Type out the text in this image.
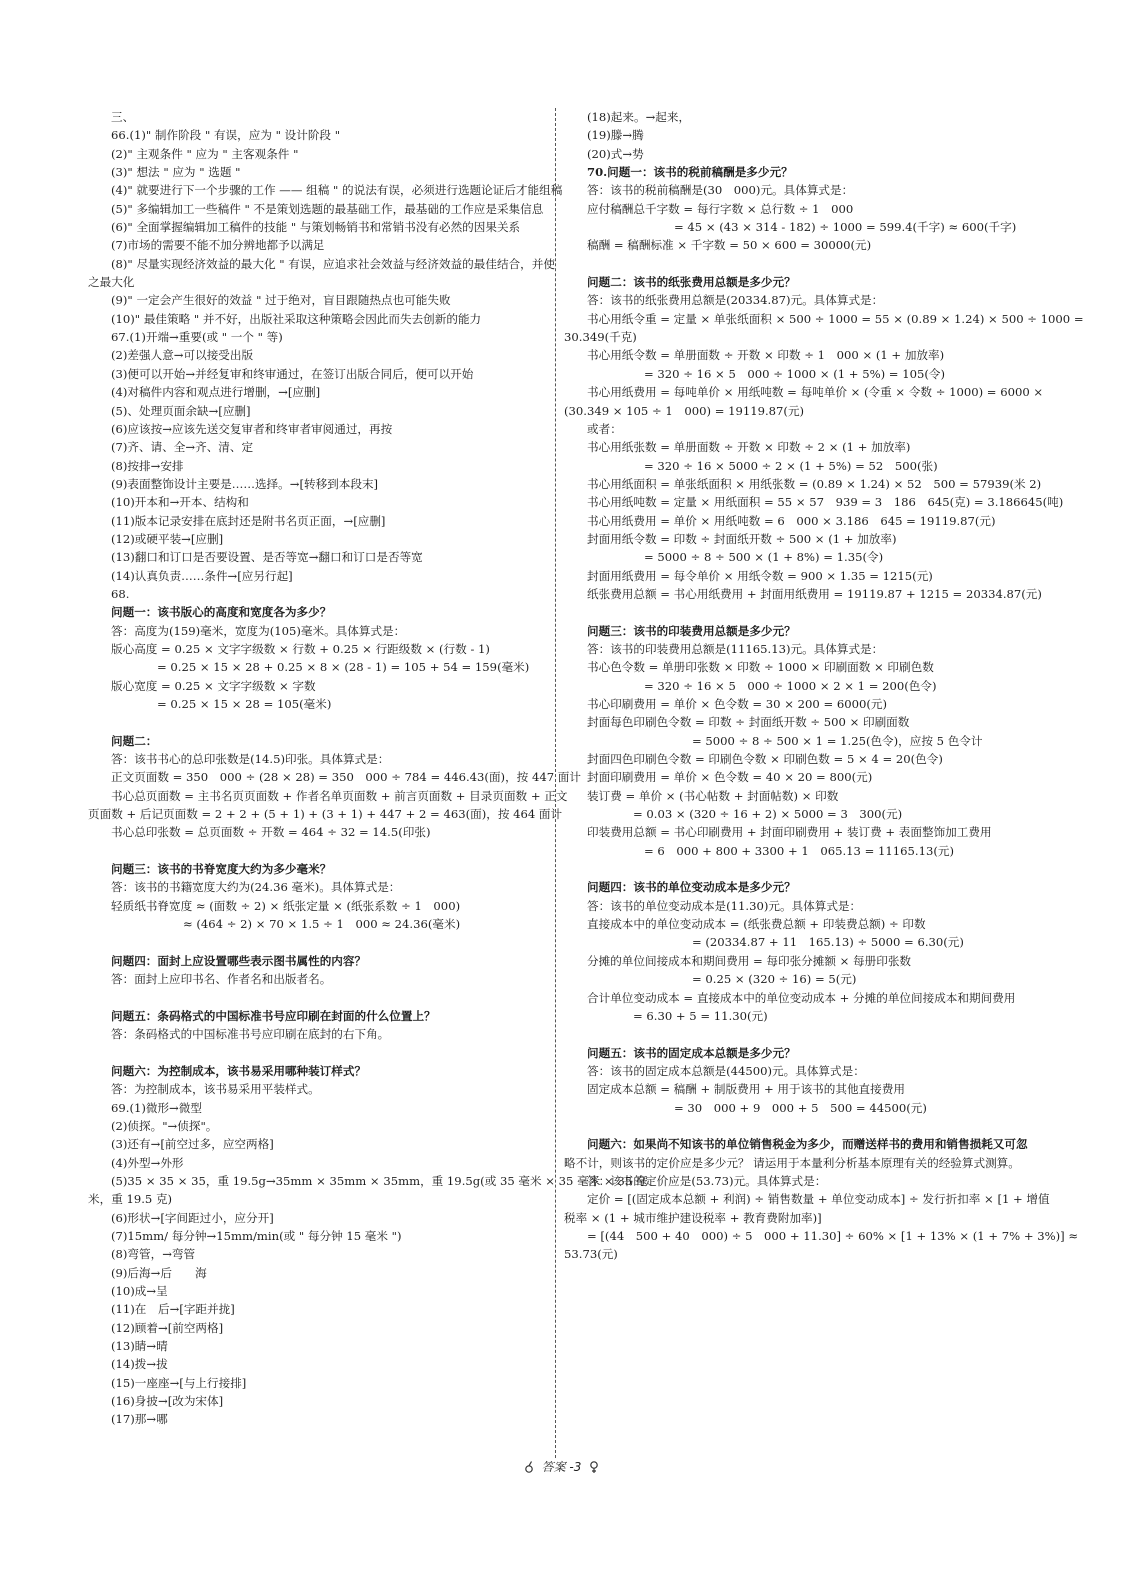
三、
66.(1)" 制作阶段 " 有误，应为 " 设计阶段 "
(2)" 主观条件 " 应为 " 主客观条件 "
(3)" 想法 " 应为 " 选题 "
(4)" 就要进行下一个步骤的工作 —— 组稿 " 的说法有误，必须进行选题论证后才能组稿
(5)" 多编辑加工一些稿件 " 不是策划选题的最基础工作，最基础的工作应是采集信息
(6)" 全面掌握编辑加工稿件的技能 " 与策划畅销书和常销书没有必然的因果关系
(7)市场的需要不能不加分辨地都予以满足
(8)" 尽量实现经济效益的最大化 " 有误，应追求社会效益与经济效益的最佳结合，并使
之最大化
(9)" 一定会产生很好的效益 " 过于绝对，盲目跟随热点也可能失败
(10)" 最佳策略 " 并不好，出版社采取这种策略会因此而失去创新的能力
67.(1)开端→重要(或 " 一个 " 等)
(2)差强人意→可以接受出版
(3)便可以开始→并经复审和终审通过，在签订出版合同后，便可以开始
(4)对稿件内容和观点进行增删，→[应删]
(5)、处理页面余缺→[应删]
(6)应该按→应该先送交复审者和终审者审阅通过，再按
(7)齐、请、全→齐、清、定
(8)按排→安排
(9)表面整饰设计主要是……选择。→[转移到本段末]
(10)开本和→开本、结构和
(11)版本记录安排在底封还是附书名页正面，→[应删]
(12)或硬平装→[应删]
(13)翻口和订口是否要设置、是否等宽→翻口和订口是否等宽
(14)认真负责……条件→[应另行起]
68.
问题一：该书版心的高度和宽度各为多少？
答：高度为(159)毫米，宽度为(105)毫米。具体算式是：
版心高度 = 0.25 × 文字字级数 × 行数 + 0.25 × 行距级数 × (行数 - 1)
= 0.25 × 15 × 28 + 0.25 × 8 × (28 - 1) = 105 + 54 = 159(毫米)
版心宽度 = 0.25 × 文字字级数 × 字数
= 0.25 × 15 × 28 = 105(毫米)
问题二：
答：该书书心的总印张数是(14.5)印张。具体算式是：
正文页面数 = 350　000 ÷ (28 × 28) = 350　000 ÷ 784 = 446.43(面)，按 447 面计
书心总页面数 = 主书名页页面数 + 作者名单页面数 + 前言页面数 + 目录页面数 + 正文
页面数 + 后记页面数 = 2 + 2 + (5 + 1) + (3 + 1) + 447 + 2 = 463(面)，按 464 面计
书心总印张数 = 总页面数 ÷ 开数 = 464 ÷ 32 = 14.5(印张)
问题三：该书的书脊宽度大约为多少毫米？
答：该书的书籍宽度大约为(24.36 毫米)。具体算式是：
轻质纸书脊宽度 ≈ (面数 ÷ 2) × 纸张定量 × (纸张系数 ÷ 1　000)
≈ (464 ÷ 2) × 70 × 1.5 ÷ 1　000 ≈ 24.36(毫米)
问题四：面封上应设置哪些表示图书属性的内容？
答：面封上应印书名、作者名和出版者名。
问题五：条码格式的中国标准书号应印刷在封面的什么位置上？
答：条码格式的中国标准书号应印刷在底封的右下角。
问题六：为控制成本，该书易采用哪种装订样式？
答：为控制成本，该书易采用平装样式。
69.(1)微形→微型
(2)侦探。"→侦探"。
(3)还有→[前空过多，应空两格]
(4)外型→外形
(5)35 × 35 × 35，重 19.5g→35mm × 35mm × 35mm，重 19.5g(或 35 毫米 × 35 毫米 × 35 毫
米，重 19.5 克)
(6)形状→[字间距过小，应分开]
(7)15mm/ 每分钟→15mm/min(或 " 每分钟 15 毫米 ")
(8)弯管，→弯管
(9)后海→后　　海
(10)成→呈
(11)在　后→[字距并拢]
(12)顾着→[前空两格]
(13)睛→晴
(14)拨→拔
(15)一座座→[与上行接排]
(16)身披→[改为宋体]
(17)那→哪
(18)起来。→起来，
(19)滕→腾
(20)式→势
70.问题一：该书的税前稿酬是多少元？
答：该书的税前稿酬是(30　000)元。具体算式是：
应付稿酬总千字数 = 每行字数 × 总行数 ÷ 1　000
= 45 × (43 × 314 - 182) ÷ 1000 = 599.4(千字) ≈ 600(千字)
稿酬 = 稿酬标准 × 千字数 = 50 × 600 = 30000(元)
问题二：该书的纸张费用总额是多少元？
答：该书的纸张费用总额是(20334.87)元。具体算式是：
书心用纸令重 = 定量 × 单张纸面积 × 500 ÷ 1000 = 55 × (0.89 × 1.24) × 500 ÷ 1000 =
30.349(千克)
书心用纸令数 = 单册面数 ÷ 开数 × 印数 ÷ 1　000 × (1 + 加放率)
= 320 ÷ 16 × 5　000 ÷ 1000 × (1 + 5%) = 105(令)
书心用纸费用 = 每吨单价 × 用纸吨数 = 每吨单价 × (令重 × 令数 ÷ 1000) = 6000 ×
(30.349 × 105 ÷ 1　000) = 19119.87(元)
或者：
书心用纸张数 = 单册面数 ÷ 开数 × 印数 ÷ 2 × (1 + 加放率)
= 320 ÷ 16 × 5000 ÷ 2 × (1 + 5%) = 52　500(张)
书心用纸面积 = 单张纸面积 × 用纸张数 = (0.89 × 1.24) × 52　500 = 57939(米 2)
书心用纸吨数 = 定量 × 用纸面积 = 55 × 57　939 = 3　186　645(克) = 3.186645(吨)
书心用纸费用 = 单价 × 用纸吨数 = 6　000 × 3.186　645 = 19119.87(元)
封面用纸令数 = 印数 ÷ 封面纸开数 ÷ 500 × (1 + 加放率)
= 5000 ÷ 8 ÷ 500 × (1 + 8%) = 1.35(令)
封面用纸费用 = 每令单价 × 用纸令数 = 900 × 1.35 = 1215(元)
纸张费用总额 = 书心用纸费用 + 封面用纸费用 = 19119.87 + 1215 = 20334.87(元)
问题三：该书的印装费用总额是多少元？
答：该书的印装费用总额是(11165.13)元。具体算式是：
书心色令数 = 单册印张数 × 印数 ÷ 1000 × 印刷面数 × 印刷色数
= 320 ÷ 16 × 5　000 ÷ 1000 × 2 × 1 = 200(色令)
书心印刷费用 = 单价 × 色令数 = 30 × 200 = 6000(元)
封面每色印刷色令数 = 印数 ÷ 封面纸开数 ÷ 500 × 印刷面数
= 5000 ÷ 8 ÷ 500 × 1 = 1.25(色令)，应按 5 色令计
封面四色印刷色令数 = 印刷色令数 × 印刷色数 = 5 × 4 = 20(色令)
封面印刷费用 = 单价 × 色令数 = 40 × 20 = 800(元)
装订费 = 单价 × (书心帖数 + 封面帖数) × 印数
= 0.03 × (320 ÷ 16 + 2) × 5000 = 3　300(元)
印装费用总额 = 书心印刷费用 + 封面印刷费用 + 装订费 + 表面整饰加工费用
= 6　000 + 800 + 3300 + 1　065.13 = 11165.13(元)
问题四：该书的单位变动成本是多少元？
答：该书的单位变动成本是(11.30)元。具体算式是：
直接成本中的单位变动成本 = (纸张费总额 + 印装费总额) ÷ 印数
= (20334.87 + 11　165.13) ÷ 5000 = 6.30(元)
分摊的单位间接成本和期间费用 = 每印张分摊额 × 每册印张数
= 0.25 × (320 ÷ 16) = 5(元)
合计单位变动成本 = 直接成本中的单位变动成本 + 分摊的单位间接成本和期间费用
= 6.30 + 5 = 11.30(元)
问题五：该书的固定成本总额是多少元？
答：该书的固定成本总额是(44500)元。具体算式是：
固定成本总额 = 稿酬 + 制版费用 + 用于该书的其他直接费用
= 30　000 + 9　000 + 5　500 = 44500(元)
问题六：如果尚不知该书的单位销售税金为多少，而赠送样书的费用和销售损耗又可忽
略不计，则该书的定价应是多少元？ 请运用于本量利分析基本原理有关的经验算式测算。
答：该书的定价应是(53.73)元。具体算式是：
定价 = [(固定成本总额 + 利润) ÷ 销售数量 + 单位变动成本] ÷ 发行折扣率 × [1 + 增值
税率 × (1 + 城市维护建设税率 + 教育费附加率)]
= [(44　500 + 40　000) ÷ 5　000 + 11.30] ÷ 60% × [1 + 13% × (1 + 7% + 3%)] ≈
53.73(元)
答案 -3
